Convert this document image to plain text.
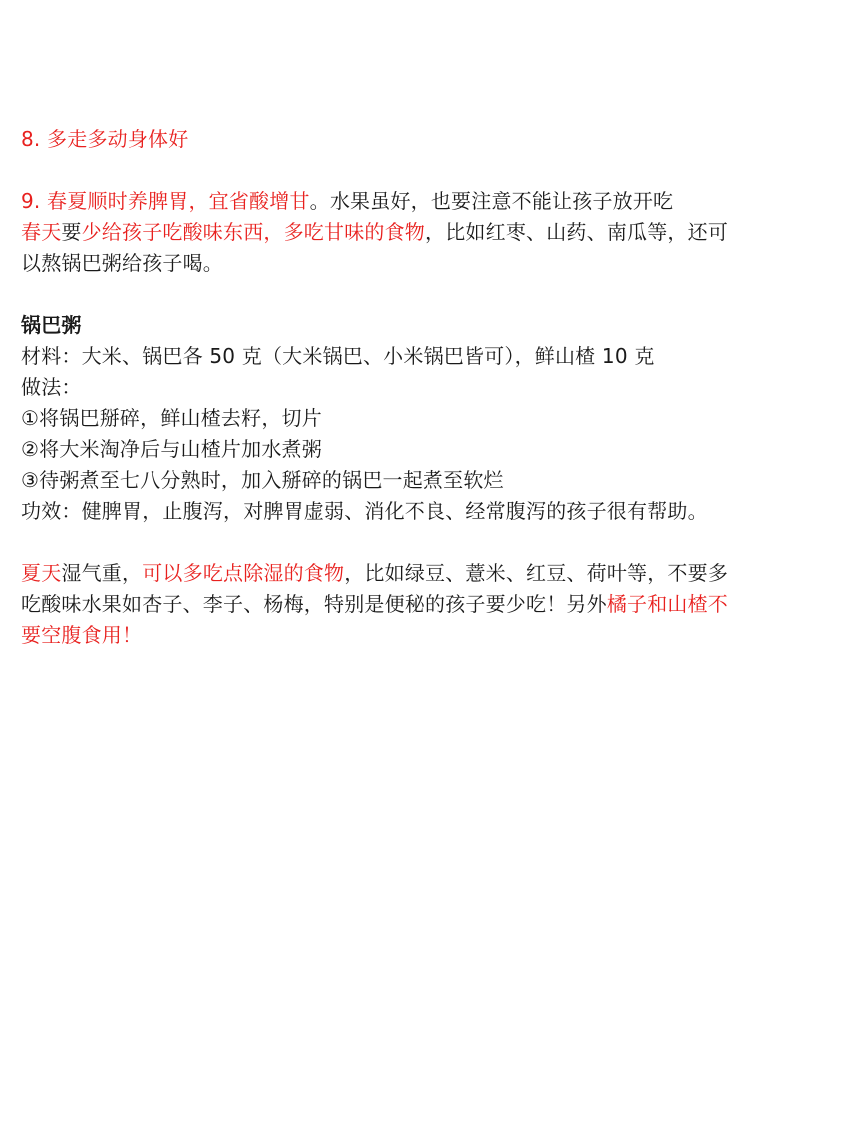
8. 多走多动身体好
9. 春夏顺时养脾胃，宜省酸增甘。水果虽好，也要注意不能让孩子放开吃
春天要少给孩子吃酸味东西，多吃甘味的食物，比如红枣、山药、南瓜等，还可
以熬锅巴粥给孩子喝。
锅巴粥
材料：大米、锅巴各 50 克（大米锅巴、小米锅巴皆可），鲜山楂 10 克
做法：
①将锅巴掰碎，鲜山楂去籽，切片
②将大米淘净后与山楂片加水煮粥
③待粥煮至七八分熟时，加入掰碎的锅巴一起煮至软烂
功效：健脾胃，止腹泻，对脾胃虚弱、消化不良、经常腹泻的孩子很有帮助。
夏天湿气重，可以多吃点除湿的食物，比如绿豆、薏米、红豆、荷叶等，不要多
吃酸味水果如杏子、李子、杨梅，特别是便秘的孩子要少吃！另外橘子和山楂不
要空腹食用！
